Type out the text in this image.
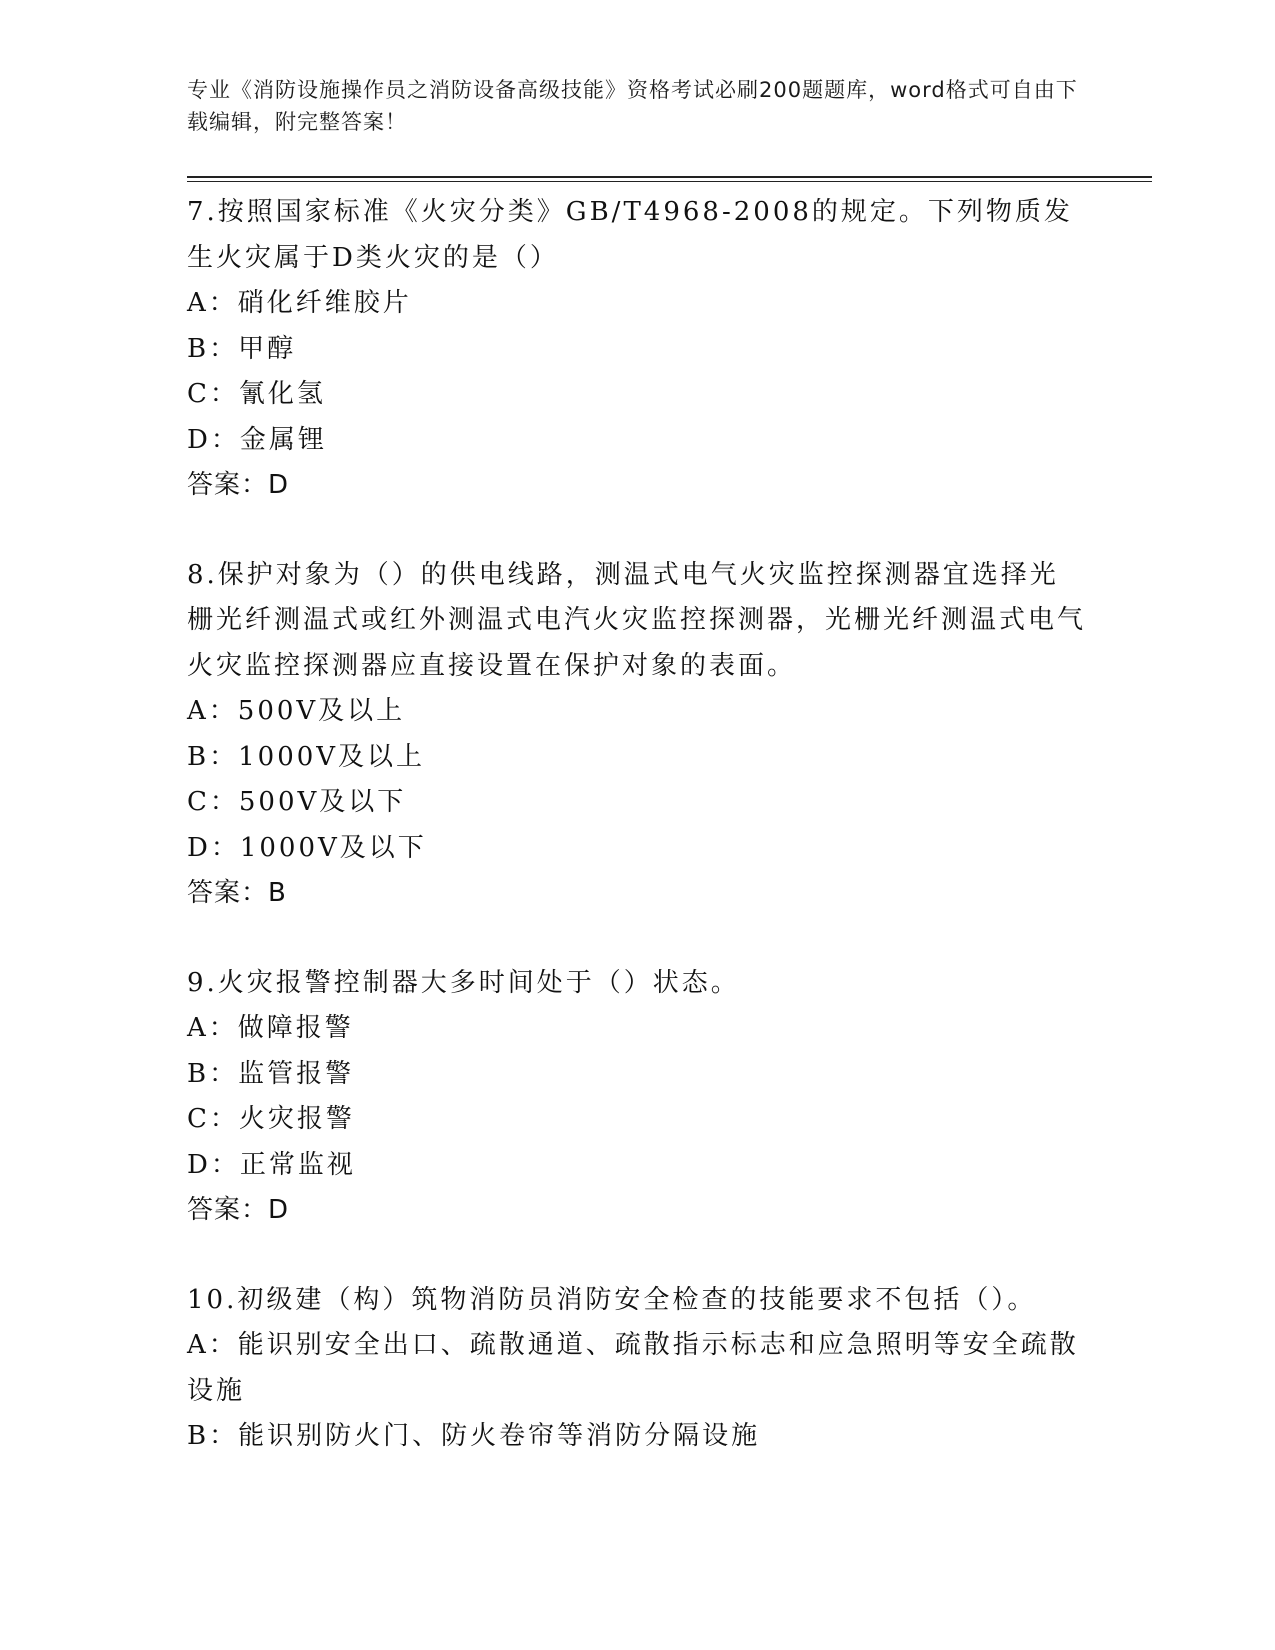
专业《消防设施操作员之消防设备高级技能》资格考试必刷200题题库，word格式可自由下载编辑，附完整答案！

7.按照国家标准《火灾分类》GB/T4968-2008的规定。下列物质发生火灾属于D类火灾的是（）

A：硝化纤维胶片

B：甲醇

C：氰化氢

D：金属锂

答案：D

8.保护对象为（）的供电线路，测温式电气火灾监控探测器宜选择光栅光纤测温式或红外测温式电汽火灾监控探测器，光栅光纤测温式电气火灾监控探测器应直接设置在保护对象的表面。

A：500V及以上

B：1000V及以上

C：500V及以下

D：1000V及以下

答案：B

9.火灾报警控制器大多时间处于（）状态。

A：做障报警

B：监管报警

C：火灾报警

D：正常监视

答案：D

10.初级建（构）筑物消防员消防安全检查的技能要求不包括（）。

A：能识别安全出口、疏散通道、疏散指示标志和应急照明等安全疏散设施

B：能识别防火门、防火卷帘等消防分隔设施
